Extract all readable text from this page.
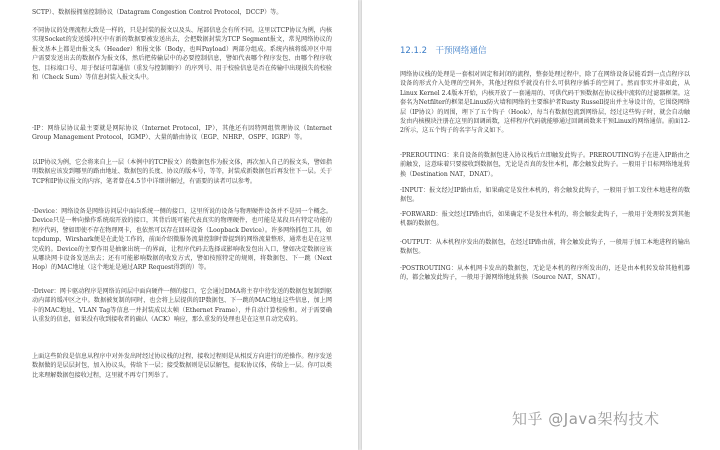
SCTP）、数据报拥塞控制协议（Datagram Congestion Control Protocol，DCCP）等。

不同协议的处理流程大致是一样的，只是封装的报文以及头、尾部信息会有所不同。这里以TCP协议为例，内核实现Socket的发送缓冲区中有新的数据要被发送出去，会把数据封装为TCP Segment报文，常见网络协议的报文基本上都是由报文头（Header）和报文体（Body，也叫Payload）两部分组成。系统内核将缓冲区中用户需要发送出去的数据作为报文体，然后把传输层中的必要控制信息，譬如代表哪个程序发包、由哪个程序收包、目标端口号、用于保证可靠通信（重发与控制顺序）的序列号、用于校验信息是否在传输中出现损失的校验和（Check Sum）等信息封装入报文头中。

·IP：网络层协议最主要就是网际协议（Internet Protocol，IP），其他还有因特网组管理协议（Internet Group Management Protocol，IGMP）、大量的路由协议（EGP、NHRP、OSPF、IGRP）等。

以IP协议为例，它会将来自上一层（本例中的TCP报文）的数据包作为报文体，再次加入自己的报文头，譬如指明数据应该发到哪里的路由地址、数据包的长度、协议的版本号，等等，封装成新数据包后再发往下一层。关于TCP和IP协议报文的内容，笔者曾在4.5节中详细讲解过，有需要的读者可以参考。

·Device：网络设备是网络访问层中面向系统一侧的接口，这里所说的设备与物理硬件设备并不是同一个概念。Device只是一种向操作系统端开放的接口，其背后既可能代表真实的物理硬件，也可能是某段具有特定功能的程序代码，譬如即使不存在物理网卡，也依然可以存在回环设备（Loopback Device）。许多网络抓包工具，如tcpdump、Wirshark便是在此处工作的，前面介绍微服务流量控制时曾提到的网络流量整形，通常也是在这里完成的。Device的主要作用是抽象出统一的界面，让程序代码去选择或影响收发包出入口，譬如决定数据应该从哪块网卡设备发送出去；还有可能影响数据的收发方式，譬如按照特定的规则，将数据包、下一跳（Next Hop）的MAC地址（这个地址是通过ARP Request得到的）等。

·Driver：网卡驱动程序是网络访问层中面向硬件一侧的接口，它会通过DMA将主存中待发送的数据包复制到驱动内部的缓冲区之中。数据被复制的同时，也会将上层提供的IP数据包、下一跳的MAC地址这些信息，加上网卡的MAC地址、VLAN Tag等信息一并封装成以太帧（Ethernet Frame），并自动计算校验和。对于需要确认重发的信息，如果没有收到接收者的确认（ACK）响应，那么重发的处理也是在这里自动完成的。

上面这些阶段是信息从程序中对外发出时经过协议栈的过程，接收过程则是从相反方向进行的逆操作。程序发送数据做的是层层封包，加入协议头，传给下一层；接受数据则是层层解包，提取协议体，传给上一层。你可以类比来理解数据包接收过程，这里就不再专门列举了。

12.1.2　干预网络通信

网络协议栈的处理是一套相对固定和封闭的流程，整套处理过程中，除了在网络设备层能看到一点点程序以设备的形式介入处理的空间外，其他过程似乎就没有什么可供程序插手的空间了。然而事实并非如此，从Linux Kernel 2.4版本开始，内核开放了一套通用的、可供代码干预数据在协议栈中流转的过滤器框架。这套名为Netfilter的框架是Linux防火墙和网络的主要维护者Rusty Russell提出并主导设计的，它围绕网络层（IP协议）的周围，埋下了五个钩子（Hook），每当有数据包流到网络层，经过这些钩子时，就会自动触发由内核模块注册在这里的回调函数，这样程序代码就能够通过回调函数来干预Linux的网络通信。前面12-2所示，这五个钩子的名字与含义如下。

·PREROUTING：来自设备的数据包进入协议栈后立即触发此钩子。PREROUTING钩子在进入IP路由之前触发，这意味着只要接收到数据包，无论是否真的发往本机，都会触发此钩子。一般用于目标网络地址转换（Destination NAT，DNAT）。

·INPUT：报文经过IP路由后，如果确定是发往本机的，将会触发此钩子，一般用于加工发往本地进程的数据包。

·FORWARD：报文经过IP路由后，如果确定不是发往本机的，将会触发此钩子，一般用于处理转发到其他机器的数据包。

·OUTPUT：从本机程序发出的数据包，在经过IP路由前，将会触发此钩子，一般用于加工本地进程的输出数据包。

·POSTROUTING：从本机网卡发出的数据包，无论是本机的程序所发出的，还是由本机转发给其他机器的，都会触发此钩子，一般用于源网络地址转换（Source NAT，SNAT）。

知乎 @Java架构技术
